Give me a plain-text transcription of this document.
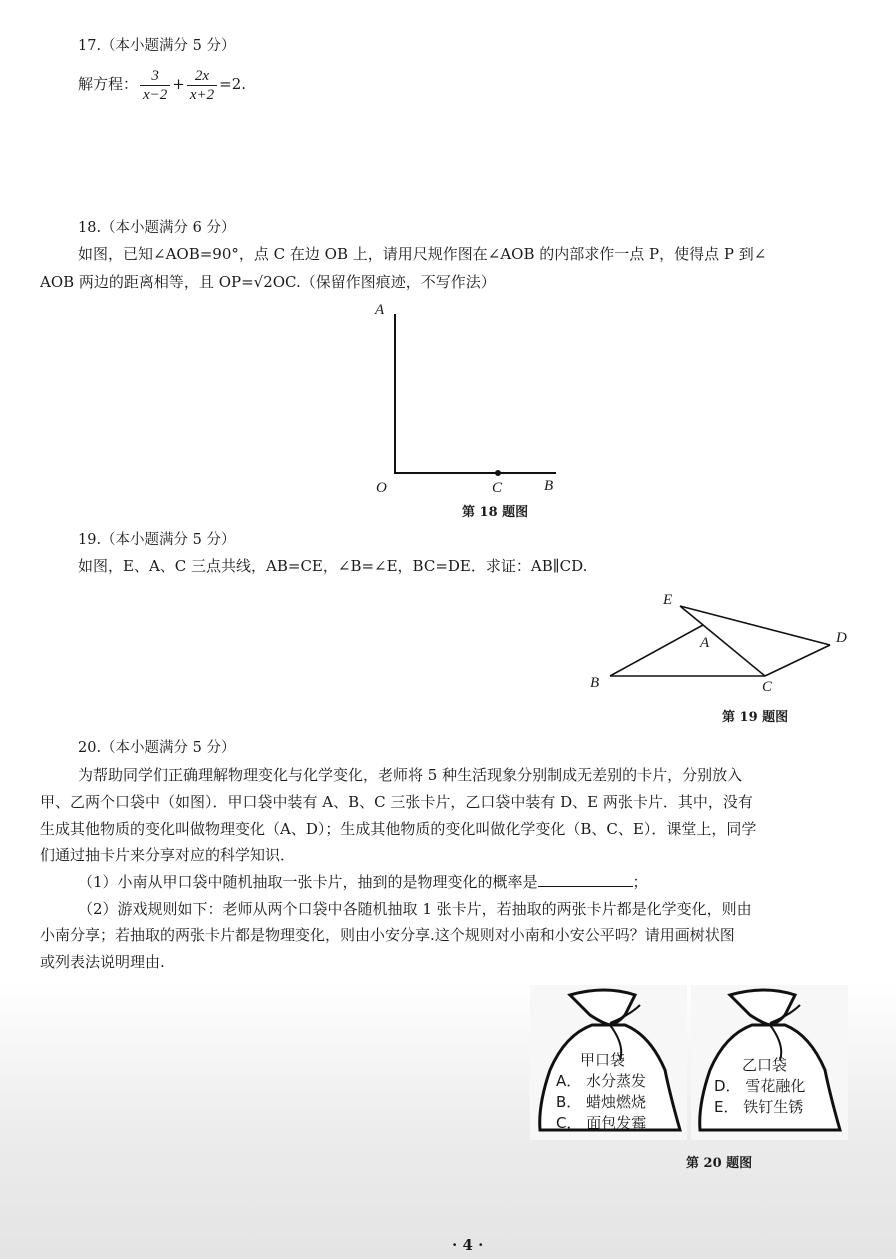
17.（本小题满分 5 分）
解方程： $\frac{3}{x-2} + \frac{2x}{x+2} =2$.
18.（本小题满分 6 分）
如图，已知∠AOB=90°，点 C 在边 OB 上，请用尺规作图在∠AOB 的内部求作一点 P，使得点 P 到∠
AOB 两边的距离相等，且 OP=√2OC.（保留作图痕迹，不写作法）
A
O	C	B
第 18 题图
19.（本小题满分 5 分）
如图，E、A、C 三点共线，AB=CE，∠B=∠E，BC=DE．求证：AB∥CD.
E
A	D
B	C
第 19 题图
20.（本小题满分 5 分）
为帮助同学们正确理解物理变化与化学变化，老师将 5 种生活现象分别制成无差别的卡片，分别放入
甲、乙两个口袋中（如图）．甲口袋中装有 A、B、C 三张卡片，乙口袋中装有 D、E 两张卡片．其中，没有
生成其他物质的变化叫做物理变化（A、D）；生成其他物质的变化叫做化学变化（B、C、E）．课堂上，同学
们通过抽卡片来分享对应的科学知识．
（1）小南从甲口袋中随机抽取一张卡片，抽到的是物理变化的概率是	；
（2）游戏规则如下：老师从两个口袋中各随机抽取 1 张卡片，若抽取的两张卡片都是化学变化，则由
小南分享；若抽取的两张卡片都是物理变化，则由小安分享.这个规则对小南和小安公平吗？请用画树状图
或列表法说明理由.
甲口袋
A． 水分蒸发
B． 蜡烛燃烧
C． 面包发霉
乙口袋
D． 雪花融化
E． 铁钉生锈
第 20 题图
· 4 ·
